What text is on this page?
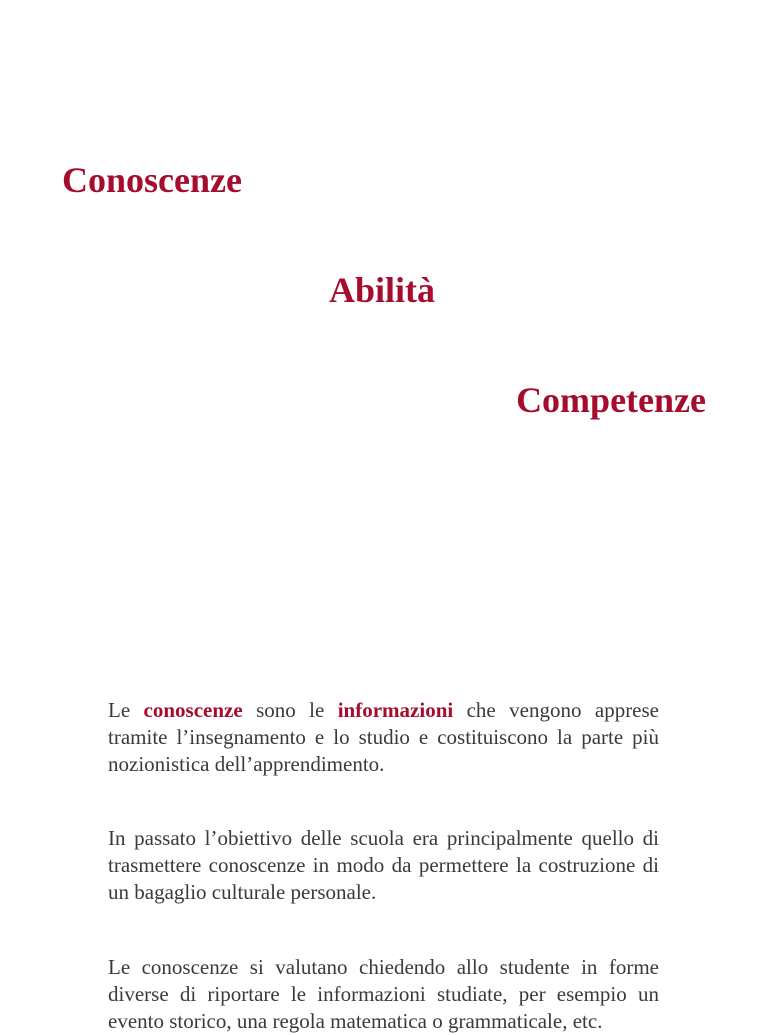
Conoscenze
Abilità
Competenze

Le conoscenze sono le informazioni che vengono apprese tramite l’insegnamento e lo studio e costituiscono la parte più nozionistica dell’apprendimento.

In passato l’obiettivo delle scuola era principalmente quello di trasmettere conoscenze in modo da permettere la costruzione di un bagaglio culturale personale.

Le conoscenze si valutano chiedendo allo studente in forme diverse di riportare le informazioni studiate, per esempio un evento storico, una regola matematica o grammaticale, etc.
